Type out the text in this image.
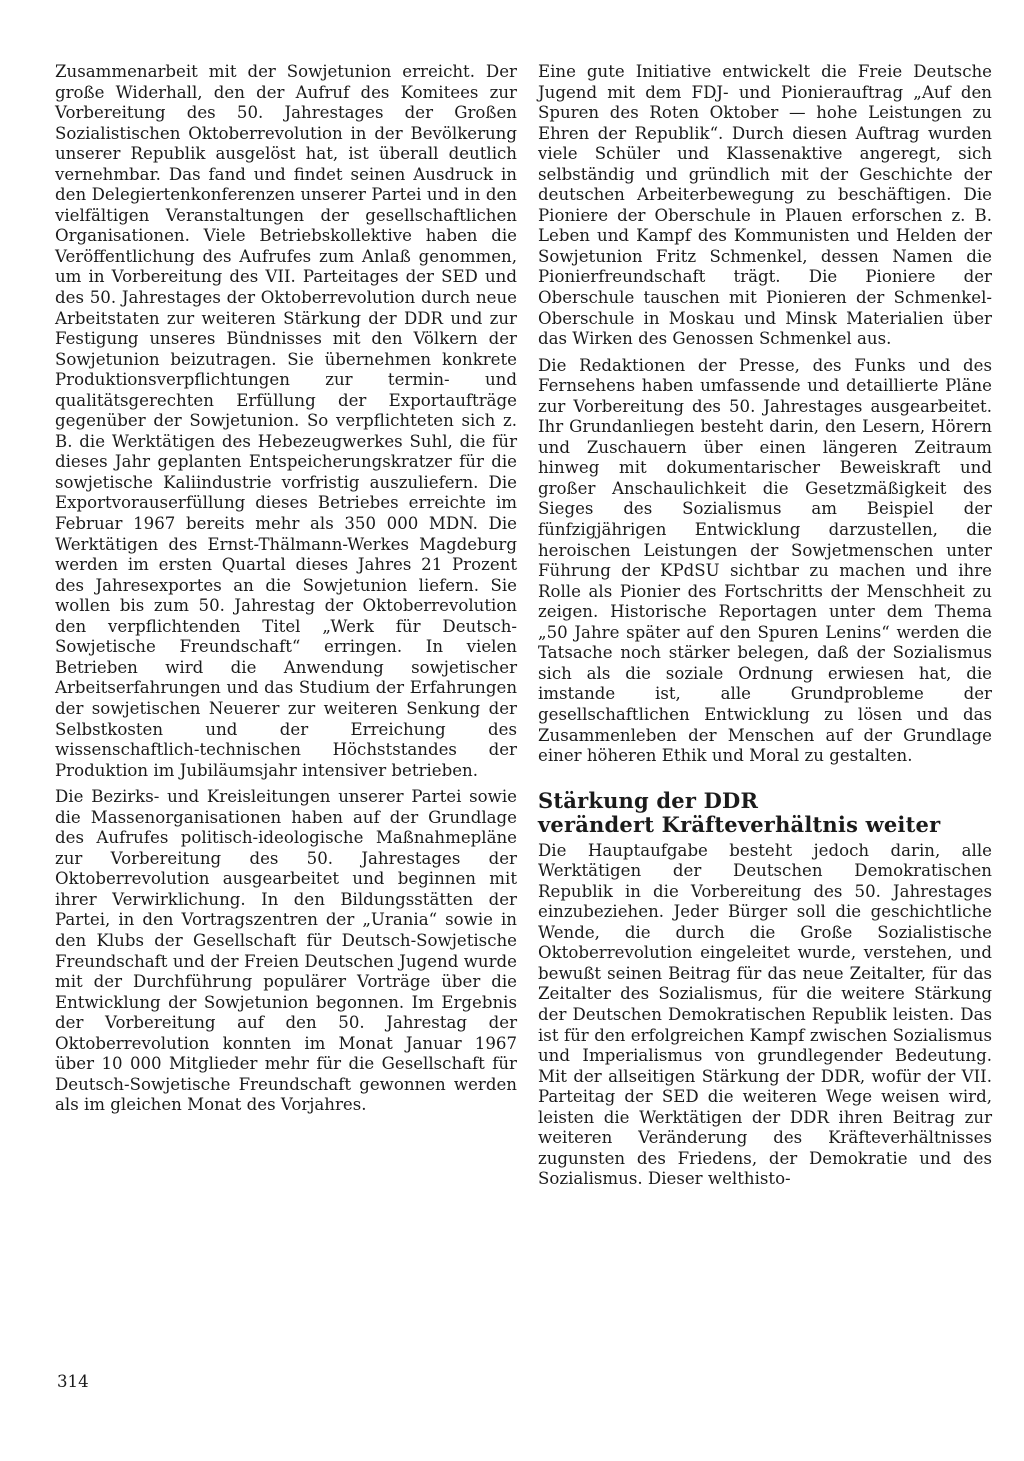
Zusammenarbeit mit der Sowjetunion erreicht. Der große Widerhall, den der Aufruf des Komitees zur Vorbereitung des 50. Jahrestages der Großen Sozialistischen Oktoberrevolution in der Bevölkerung unserer Republik ausgelöst hat, ist überall deutlich vernehmbar. Das fand und findet seinen Ausdruck in den Delegiertenkonferenzen unserer Partei und in den vielfältigen Veranstaltungen der gesellschaftlichen Organisationen. Viele Betriebskollektive haben die Veröffentlichung des Aufrufes zum Anlaß genommen, um in Vorbereitung des VII. Parteitages der SED und des 50. Jahrestages der Oktoberrevolution durch neue Arbeitstaten zur weiteren Stärkung der DDR und zur Festigung unseres Bündnisses mit den Völkern der Sowjetunion beizutragen. Sie übernehmen konkrete Produktionsverpflichtungen zur termin- und qualitätsgerechten Erfüllung der Exportaufträge gegenüber der Sowjetunion. So verpflichteten sich z. B. die Werktätigen des Hebezeugwerkes Suhl, die für dieses Jahr geplanten Entspeicherungskratzer für die sowjetische Kaliindustrie vorfristig auszuliefern. Die Exportvorauserfüllung dieses Betriebes erreichte im Februar 1967 bereits mehr als 350 000 MDN. Die Werktätigen des Ernst-Thälmann-Werkes Magdeburg werden im ersten Quartal dieses Jahres 21 Prozent des Jahresexportes an die Sowjetunion liefern. Sie wollen bis zum 50. Jahrestag der Oktoberrevolution den verpflichtenden Titel „Werk für Deutsch-Sowjetische Freundschaft“ erringen. In vielen Betrieben wird die Anwendung sowjetischer Arbeitserfahrungen und das Studium der Erfahrungen der sowjetischen Neuerer zur weiteren Senkung der Selbstkosten und der Erreichung des wissenschaftlich-technischen Höchststandes der Produktion im Jubiläumsjahr intensiver betrieben.

Die Bezirks- und Kreisleitungen unserer Partei sowie die Massenorganisationen haben auf der Grundlage des Aufrufes politisch-ideologische Maßnahmepläne zur Vorbereitung des 50. Jahrestages der Oktoberrevolution ausgearbeitet und beginnen mit ihrer Verwirklichung. In den Bildungsstätten der Partei, in den Vortragszentren der „Urania“ sowie in den Klubs der Gesellschaft für Deutsch-Sowjetische Freundschaft und der Freien Deutschen Jugend wurde mit der Durchführung populärer Vorträge über die Entwicklung der Sowjetunion begonnen. Im Ergebnis der Vorbereitung auf den 50. Jahrestag der Oktoberrevolution konnten im Monat Januar 1967 über 10 000 Mitglieder mehr für die Gesellschaft für Deutsch-Sowjetische Freundschaft gewonnen werden als im gleichen Monat des Vorjahres.

Eine gute Initiative entwickelt die Freie Deutsche Jugend mit dem FDJ- und Pionierauftrag „Auf den Spuren des Roten Oktober — hohe Leistungen zu Ehren der Republik“. Durch diesen Auftrag wurden viele Schüler und Klassenaktive angeregt, sich selbständig und gründlich mit der Geschichte der deutschen Arbeiterbewegung zu beschäftigen. Die Pioniere der Oberschule in Plauen erforschen z. B. Leben und Kampf des Kommunisten und Helden der Sowjetunion Fritz Schmenkel, dessen Namen die Pionierfreundschaft trägt. Die Pioniere der Oberschule tauschen mit Pionieren der Schmenkel-Oberschule in Moskau und Minsk Materialien über das Wirken des Genossen Schmenkel aus.

Die Redaktionen der Presse, des Funks und des Fernsehens haben umfassende und detaillierte Pläne zur Vorbereitung des 50. Jahrestages ausgearbeitet. Ihr Grundanliegen besteht darin, den Lesern, Hörern und Zuschauern über einen längeren Zeitraum hinweg mit dokumentarischer Beweiskraft und großer Anschaulichkeit die Gesetzmäßigkeit des Sieges des Sozialismus am Beispiel der fünfzigjährigen Entwicklung darzustellen, die heroischen Leistungen der Sowjetmenschen unter Führung der KPdSU sichtbar zu machen und ihre Rolle als Pionier des Fortschritts der Menschheit zu zeigen. Historische Reportagen unter dem Thema „50 Jahre später auf den Spuren Lenins“ werden die Tatsache noch stärker belegen, daß der Sozialismus sich als die soziale Ordnung erwiesen hat, die imstande ist, alle Grundprobleme der gesellschaftlichen Entwicklung zu lösen und das Zusammenleben der Menschen auf der Grundlage einer höheren Ethik und Moral zu gestalten.

Stärkung der DDR
verändert Kräfteverhältnis weiter

Die Hauptaufgabe besteht jedoch darin, alle Werktätigen der Deutschen Demokratischen Republik in die Vorbereitung des 50. Jahrestages einzubeziehen. Jeder Bürger soll die geschichtliche Wende, die durch die Große Sozialistische Oktoberrevolution eingeleitet wurde, verstehen, und bewußt seinen Beitrag für das neue Zeitalter, für das Zeitalter des Sozialismus, für die weitere Stärkung der Deutschen Demokratischen Republik leisten. Das ist für den erfolgreichen Kampf zwischen Sozialismus und Imperialismus von grundlegender Bedeutung. Mit der allseitigen Stärkung der DDR, wofür der VII. Parteitag der SED die weiteren Wege weisen wird, leisten die Werktätigen der DDR ihren Beitrag zur weiteren Veränderung des Kräfteverhältnisses zugunsten des Friedens, der Demokratie und des Sozialismus. Dieser welthisto-

314
